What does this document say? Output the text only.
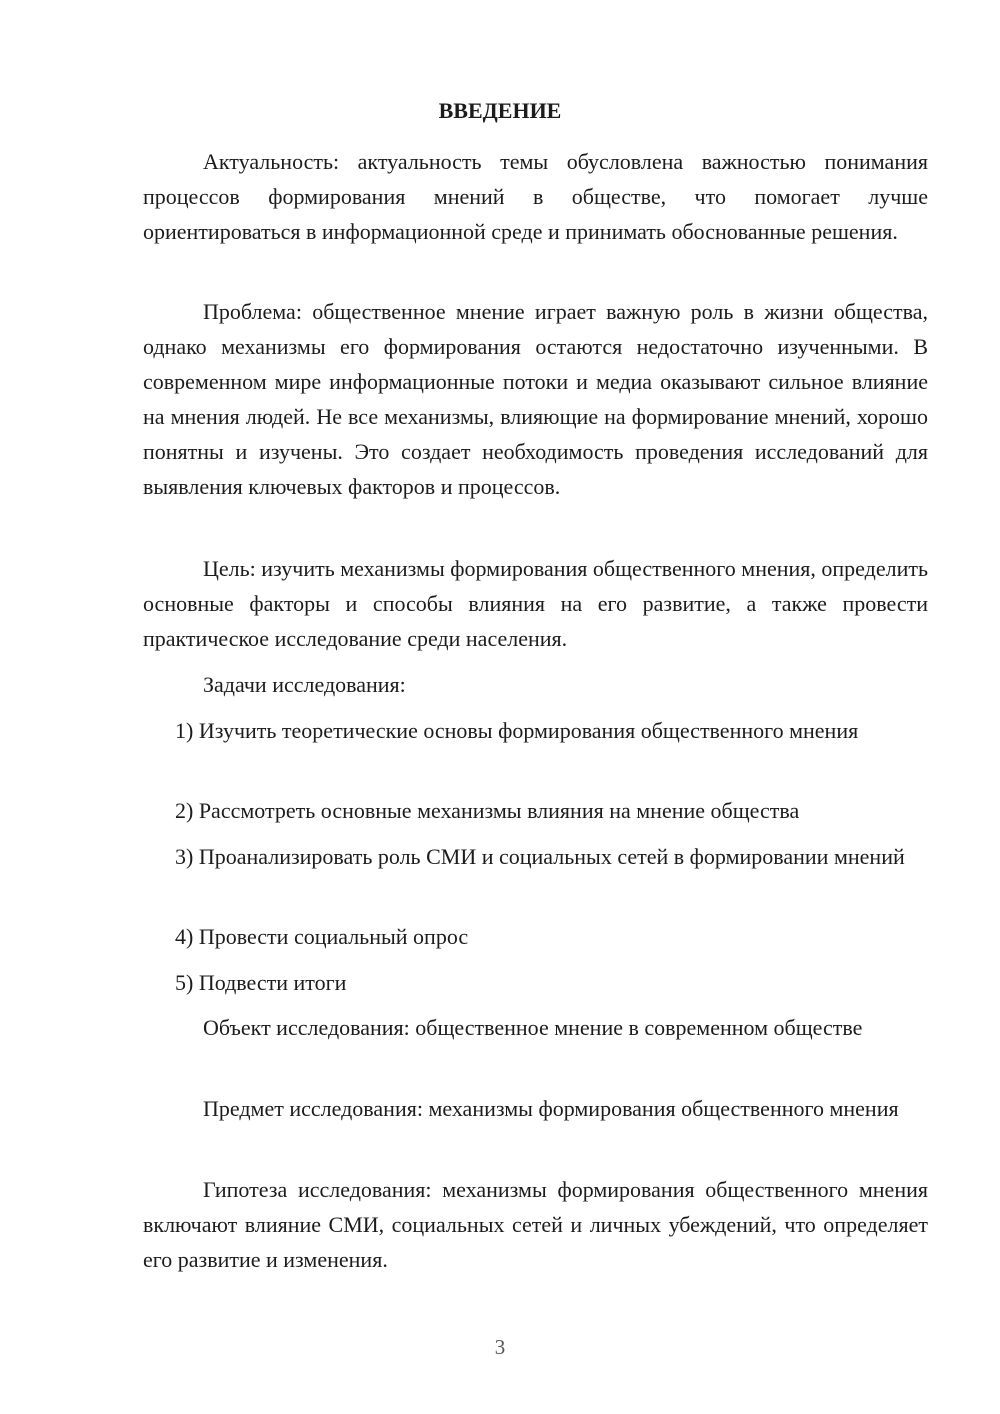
ВВЕДЕНИЕ

Актуальность: актуальность темы обусловлена важностью понимания процессов формирования мнений в обществе, что помогает лучше ориентироваться в информационной среде и принимать обоснованные решения.

Проблема: общественное мнение играет важную роль в жизни общества, однако механизмы его формирования остаются недостаточно изученными. В современном мире информационные потоки и медиа оказывают сильное влияние на мнения людей. Не все механизмы, влияющие на формирование мнений, хорошо понятны и изучены. Это создает необходимость проведения исследований для выявления ключевых факторов и процессов.

Цель: изучить механизмы формирования общественного мнения, определить основные факторы и способы влияния на его развитие, а также провести практическое исследование среди населения.

Задачи исследования:

1) Изучить теоретические основы формирования общественного мнения

2) Рассмотреть основные механизмы влияния на мнение общества

3) Проанализировать роль СМИ и социальных сетей в формировании мнений

4) Провести социальный опрос

5) Подвести итоги

Объект исследования: общественное мнение в современном обществе

Предмет исследования: механизмы формирования общественного мнения

Гипотеза исследования: механизмы формирования общественного мнения включают влияние СМИ, социальных сетей и личных убеждений, что определяет его развитие и изменения.

3
